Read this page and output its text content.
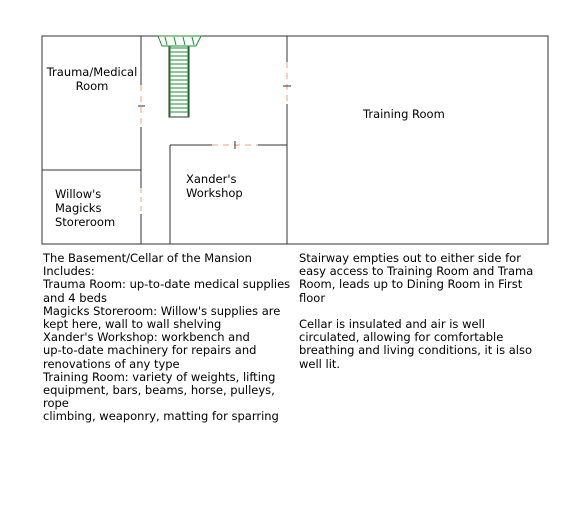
Trauma/Medical Room
Willow's Magicks Storeroom
Xander's Workshop
Training Room
The Basement/Cellar of the Mansion
Includes:
Trauma Room: up-to-date medical supplies
and 4 beds
Magicks Storeroom: Willow's supplies are
kept here, wall to wall shelving
Xander's Workshop: workbench and
up-to-date machinery for repairs and
renovations of any type
Training Room: variety of weights, lifting
equipment, bars, beams, horse, pulleys, rope
climbing, weaponry, matting for sparring
Stairway empties out to either side for
easy access to Training Room and Trama
Room, leads up to Dining Room in First
floor
Cellar is insulated and air is well
circulated, allowing for comfortable
breathing and living conditions, it is also
well lit.
